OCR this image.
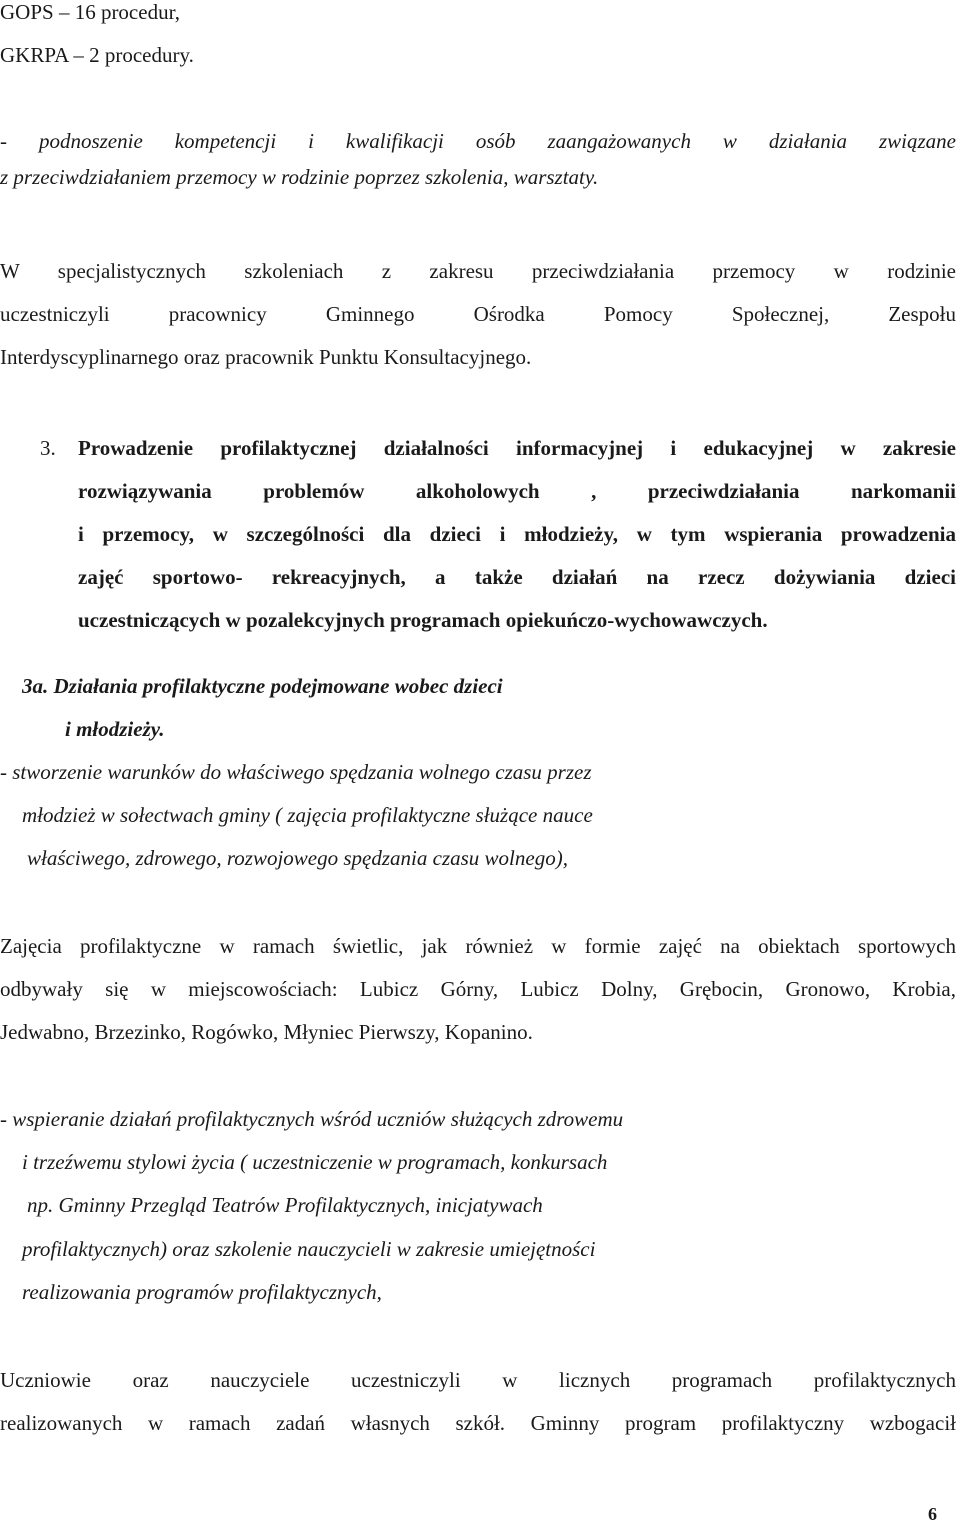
GOPS – 16 procedur,
GKRPA – 2 procedury.
- podnoszenie kompetencji i kwalifikacji osób zaangażowanych w działania związane
z przeciwdziałaniem przemocy w rodzinie poprzez szkolenia, warsztaty.
W specjalistycznych szkoleniach z zakresu przeciwdziałania przemocy w rodzinie
uczestniczyli pracownicy Gminnego Ośrodka Pomocy Społecznej, Zespołu
Interdyscyplinarnego oraz pracownik Punktu Konsultacyjnego.
3. Prowadzenie profilaktycznej działalności informacyjnej i edukacyjnej w zakresie
rozwiązywania problemów alkoholowych , przeciwdziałania narkomanii
i przemocy, w szczególności dla dzieci i młodzieży, w tym wspierania prowadzenia
zajęć sportowo- rekreacyjnych, a także działań na rzecz dożywiania dzieci
uczestniczących w pozalekcyjnych programach opiekuńczo-wychowawczych.
3a. Działania profilaktyczne podejmowane wobec dzieci
i młodzieży.
- stworzenie warunków do właściwego spędzania wolnego czasu przez
młodzież w sołectwach gminy ( zajęcia profilaktyczne służące nauce
właściwego, zdrowego, rozwojowego spędzania czasu wolnego),
Zajęcia profilaktyczne w ramach świetlic, jak również w formie zajęć na obiektach sportowych
odbywały się w miejscowościach: Lubicz Górny, Lubicz Dolny, Grębocin, Gronowo, Krobia,
Jedwabno, Brzezinko, Rogówko, Młyniec Pierwszy, Kopanino.
- wspieranie działań profilaktycznych wśród uczniów służących zdrowemu
i trzeźwemu stylowi życia ( uczestniczenie w programach, konkursach
np. Gminny Przegląd Teatrów Profilaktycznych, inicjatywach
profilaktycznych) oraz szkolenie nauczycieli w zakresie umiejętności
realizowania programów profilaktycznych,
Uczniowie oraz nauczyciele uczestniczyli w licznych programach profilaktycznych
realizowanych w ramach zadań własnych szkół. Gminny program profilaktyczny wzbogacił
6
